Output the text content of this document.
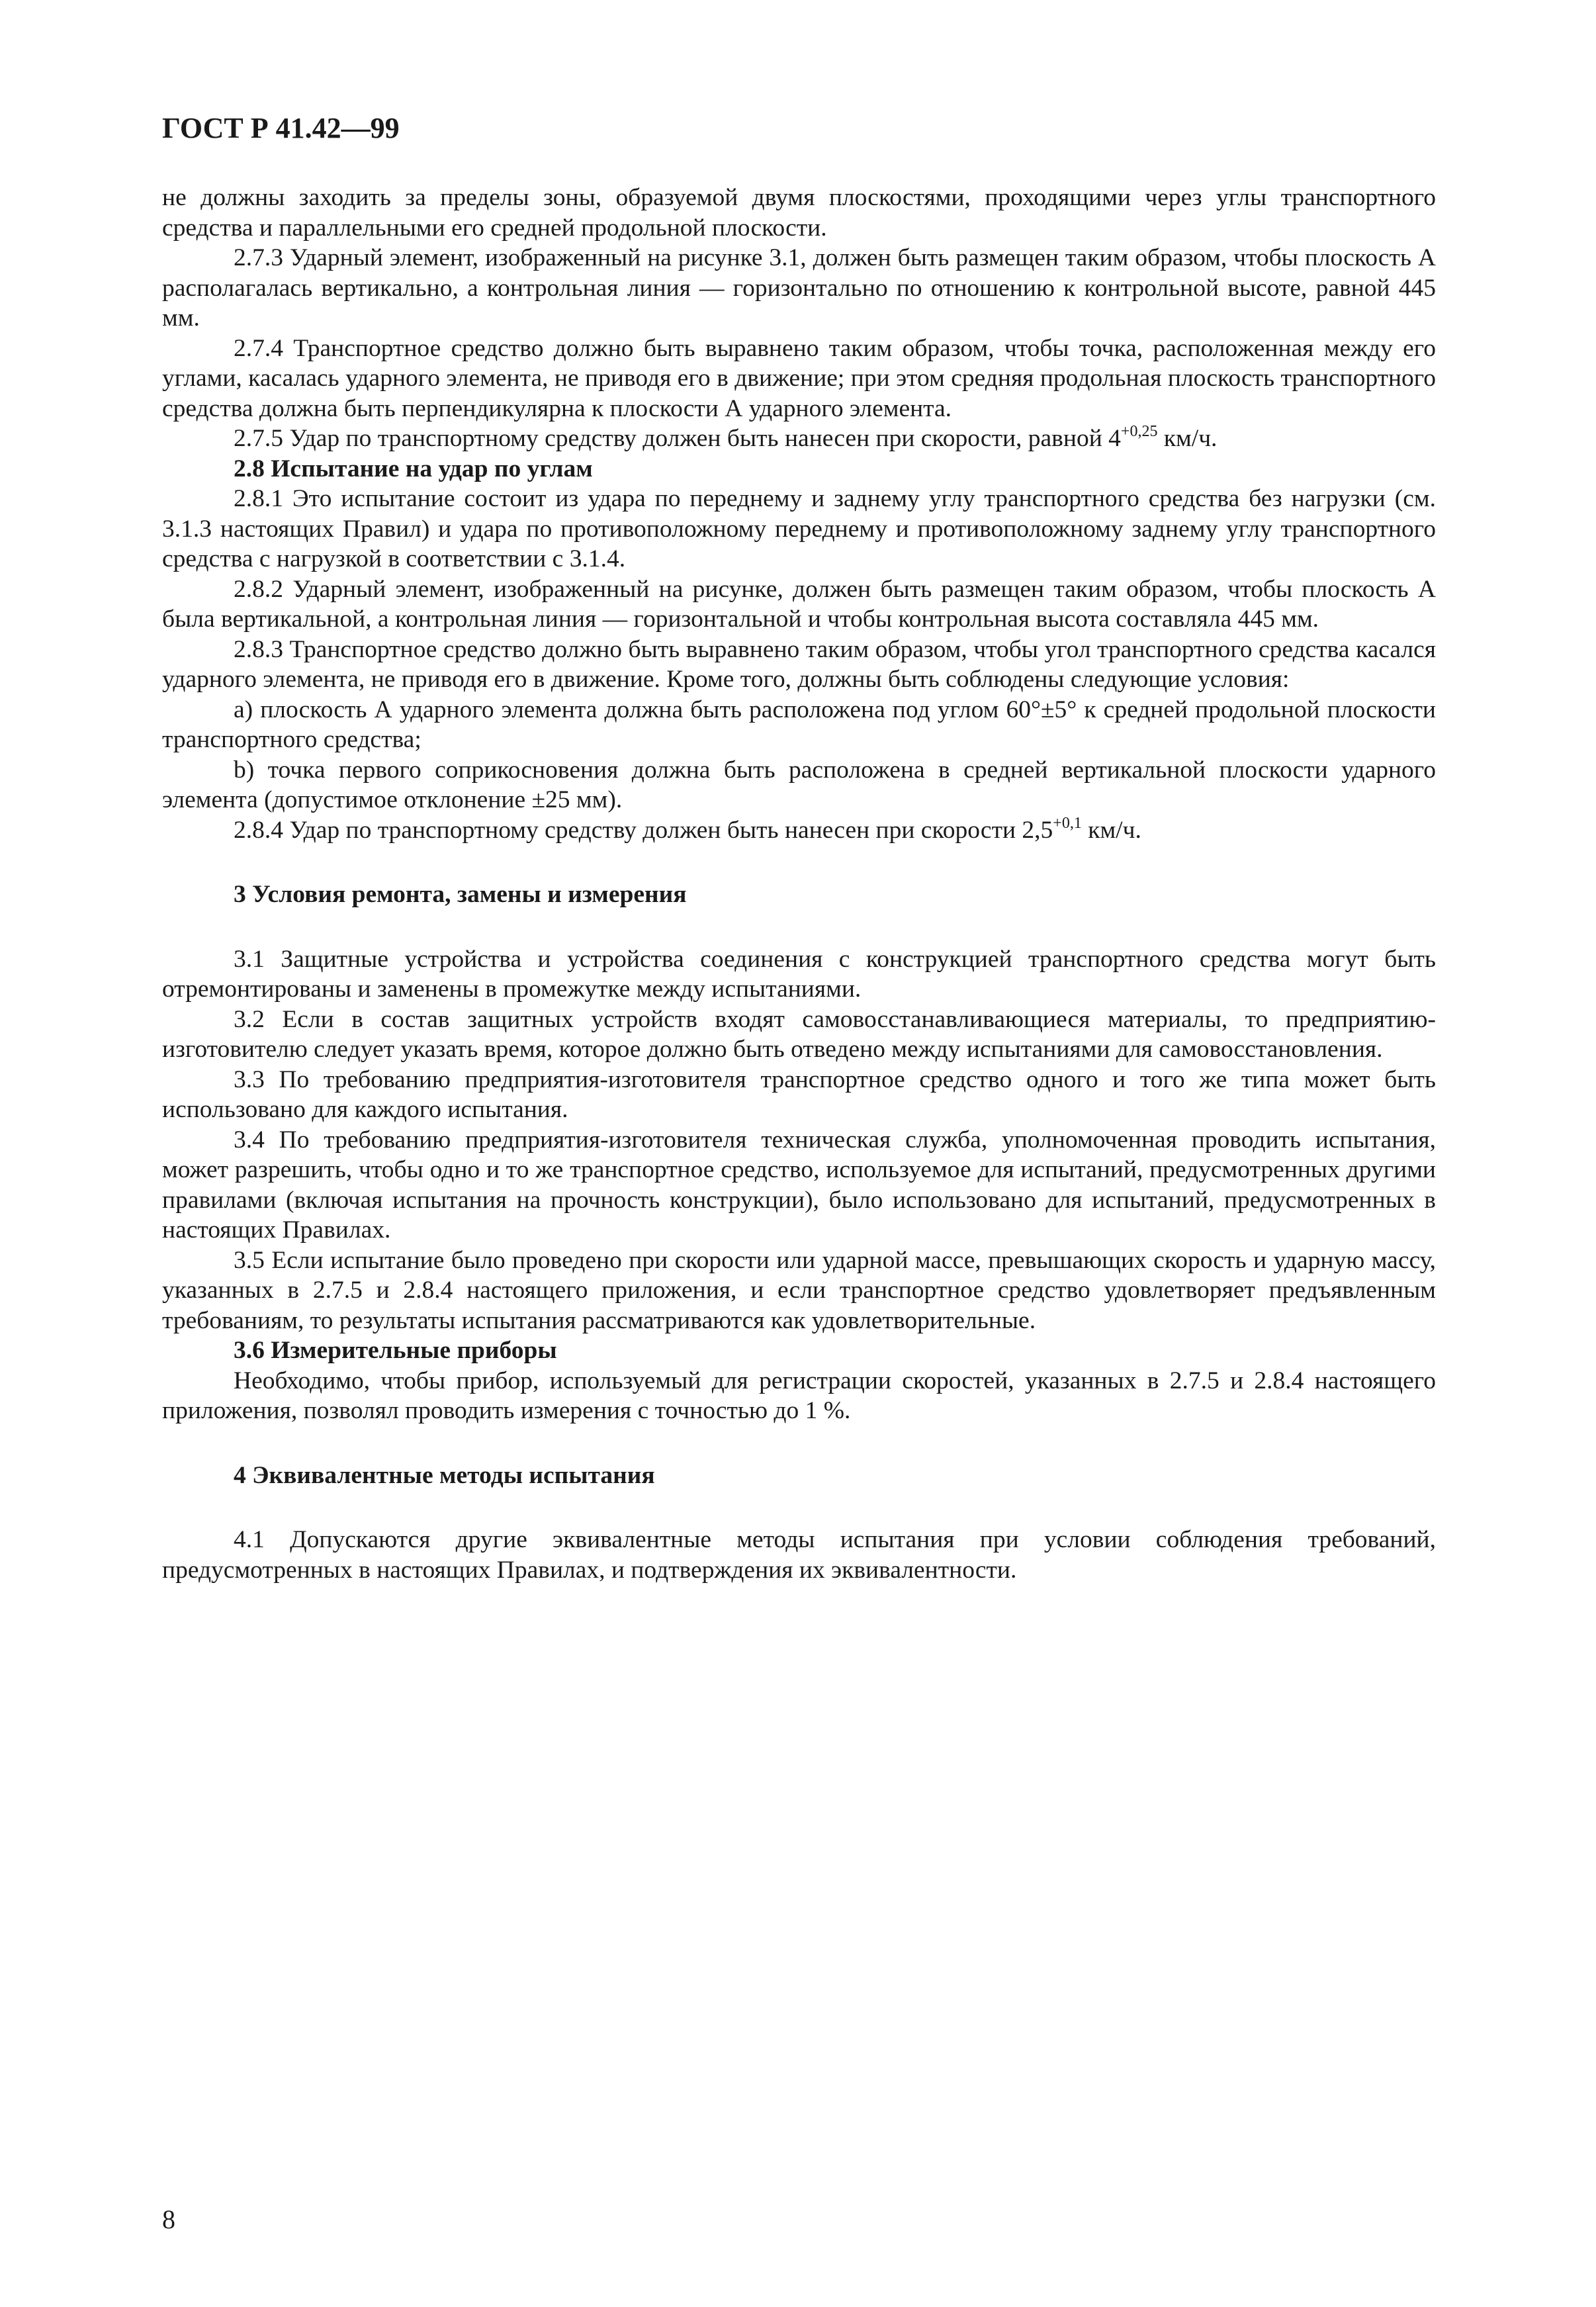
ГОСТ Р 41.42—99

не должны заходить за пределы зоны, образуемой двумя плоскостями, проходящими через углы транспортного средства и параллельными его средней продольной плоскости.

2.7.3 Ударный элемент, изображенный на рисунке 3.1, должен быть размещен таким образом, чтобы плоскость А располагалась вертикально, а контрольная линия — горизонтально по отношению к контрольной высоте, равной 445 мм.

2.7.4 Транспортное средство должно быть выравнено таким образом, чтобы точка, расположенная между его углами, касалась ударного элемента, не приводя его в движение; при этом средняя продольная плоскость транспортного средства должна быть перпендикулярна к плоскости А ударного элемента.

2.7.5 Удар по транспортному средству должен быть нанесен при скорости, равной $4^{+0,25}$ км/ч.

2.8 Испытание на удар по углам

2.8.1 Это испытание состоит из удара по переднему и заднему углу транспортного средства без нагрузки (см. 3.1.3 настоящих Правил) и удара по противоположному переднему и противоположному заднему углу транспортного средства с нагрузкой в соответствии с 3.1.4.

2.8.2 Ударный элемент, изображенный на рисунке, должен быть размещен таким образом, чтобы плоскость А была вертикальной, а контрольная линия — горизонтальной и чтобы контрольная высота составляла 445 мм.

2.8.3 Транспортное средство должно быть выравнено таким образом, чтобы угол транспортного средства касался ударного элемента, не приводя его в движение. Кроме того, должны быть соблюдены следующие условия:

а) плоскость А ударного элемента должна быть расположена под углом 60°±5° к средней продольной плоскости транспортного средства;

b) точка первого соприкосновения должна быть расположена в средней вертикальной плоскости ударного элемента (допустимое отклонение ±25 мм).

2.8.4 Удар по транспортному средству должен быть нанесен при скорости $2,5^{+0,1}$ км/ч.

3 Условия ремонта, замены и измерения

3.1 Защитные устройства и устройства соединения с конструкцией транспортного средства могут быть отремонтированы и заменены в промежутке между испытаниями.

3.2 Если в состав защитных устройств входят самовосстанавливающиеся материалы, то предприятию-изготовителю следует указать время, которое должно быть отведено между испытаниями для самовосстановления.

3.3 По требованию предприятия-изготовителя транспортное средство одного и того же типа может быть использовано для каждого испытания.

3.4 По требованию предприятия-изготовителя техническая служба, уполномоченная проводить испытания, может разрешить, чтобы одно и то же транспортное средство, используемое для испытаний, предусмотренных другими правилами (включая испытания на прочность конструкции), было использовано для испытаний, предусмотренных в настоящих Правилах.

3.5 Если испытание было проведено при скорости или ударной массе, превышающих скорость и ударную массу, указанных в 2.7.5 и 2.8.4 настоящего приложения, и если транспортное средство удовлетворяет предъявленным требованиям, то результаты испытания рассматриваются как удовлетворительные.

3.6 Измерительные приборы

Необходимо, чтобы прибор, используемый для регистрации скоростей, указанных в 2.7.5 и 2.8.4 настоящего приложения, позволял проводить измерения с точностью до 1 %.

4 Эквивалентные методы испытания

4.1 Допускаются другие эквивалентные методы испытания при условии соблюдения требований, предусмотренных в настоящих Правилах, и подтверждения их эквивалентности.

8
